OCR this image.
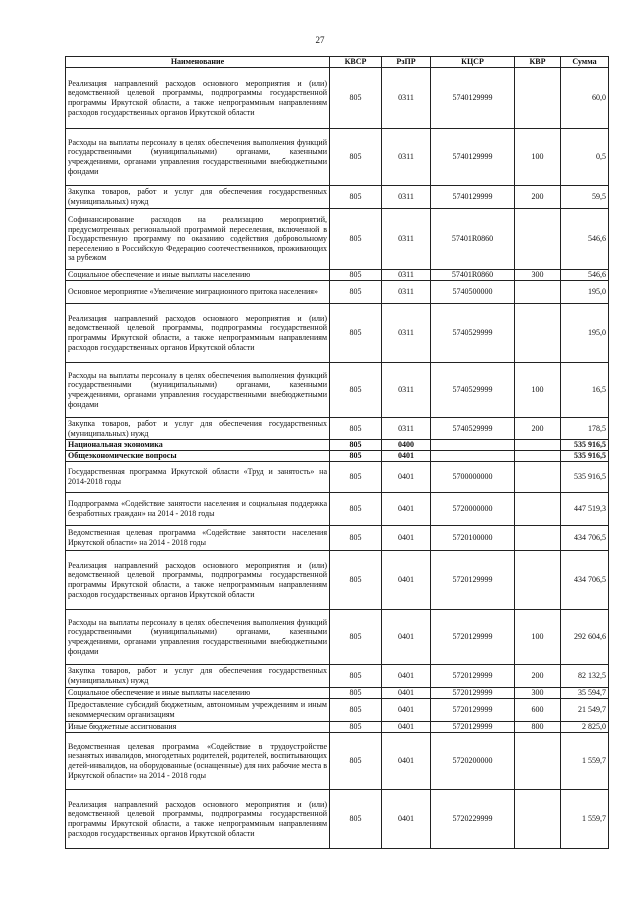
27
Наименование	КВСР	РзПР	КЦСР	КВР	Сумма
Реализация направлений расходов основного мероприятия и (или) ведомственной целевой программы, подпрограммы государственной программы Иркутской области, а также непрограммным направлениям расходов государственных органов Иркутской области	805	0311	5740129999		60,0
Расходы на выплаты персоналу в целях обеспечения выполнения функций государственными (муниципальными) органами, казенными учреждениями, органами управления государственными внебюджетными фондами	805	0311	5740129999	100	0,5
Закупка товаров, работ и услуг для обеспечения государственных (муниципальных) нужд	805	0311	5740129999	200	59,5
Софинансирование расходов на реализацию мероприятий, предусмотренных региональной программой переселения, включенной в Государственную программу по оказанию содействия добровольному переселению в Российскую Федерацию соотечественников, проживающих за рубежом	805	0311	57401R0860		546,6
Социальное обеспечение и иные выплаты населению	805	0311	57401R0860	300	546,6
Основное мероприятие «Увеличение миграционного притока населения»	805	0311	5740500000		195,0
Реализация направлений расходов основного мероприятия и (или) ведомственной целевой программы, подпрограммы государственной программы Иркутской области, а также непрограммным направлениям расходов государственных органов Иркутской области	805	0311	5740529999		195,0
Расходы на выплаты персоналу в целях обеспечения выполнения функций государственными (муниципальными) органами, казенными учреждениями, органами управления государственными внебюджетными фондами	805	0311	5740529999	100	16,5
Закупка товаров, работ и услуг для обеспечения государственных (муниципальных) нужд	805	0311	5740529999	200	178,5
Национальная экономика	805	0400			535 916,5
Общеэкономические вопросы	805	0401			535 916,5
Государственная программа Иркутской области «Труд и занятость» на 2014-2018 годы	805	0401	5700000000		535 916,5
Подпрограмма «Содействие занятости населения и социальная поддержка безработных граждан» на 2014 - 2018 годы	805	0401	5720000000		447 519,3
Ведомственная целевая программа «Содействие занятости населения Иркутской области» на 2014 - 2018 годы	805	0401	5720100000		434 706,5
Реализация направлений расходов основного мероприятия и (или) ведомственной целевой программы, подпрограммы государственной программы Иркутской области, а также непрограммным направлениям расходов государственных органов Иркутской области	805	0401	5720129999		434 706,5
Расходы на выплаты персоналу в целях обеспечения выполнения функций государственными (муниципальными) органами, казенными учреждениями, органами управления государственными внебюджетными фондами	805	0401	5720129999	100	292 604,6
Закупка товаров, работ и услуг для обеспечения государственных (муниципальных) нужд	805	0401	5720129999	200	82 132,5
Социальное обеспечение и иные выплаты населению	805	0401	5720129999	300	35 594,7
Предоставление субсидий бюджетным, автономным учреждениям и иным некоммерческим организациям	805	0401	5720129999	600	21 549,7
Иные бюджетные ассигнования	805	0401	5720129999	800	2 825,0
Ведомственная целевая программа «Содействие в трудоустройстве незанятых инвалидов, многодетных родителей, родителей, воспитывающих детей-инвалидов, на оборудованные (оснащенные) для них рабочие места в Иркутской области» на 2014 - 2018 годы	805	0401	5720200000		1 559,7
Реализация направлений расходов основного мероприятия и (или) ведомственной целевой программы, подпрограммы государственной программы Иркутской области, а также непрограммным направлениям расходов государственных органов Иркутской области	805	0401	5720229999		1 559,7
